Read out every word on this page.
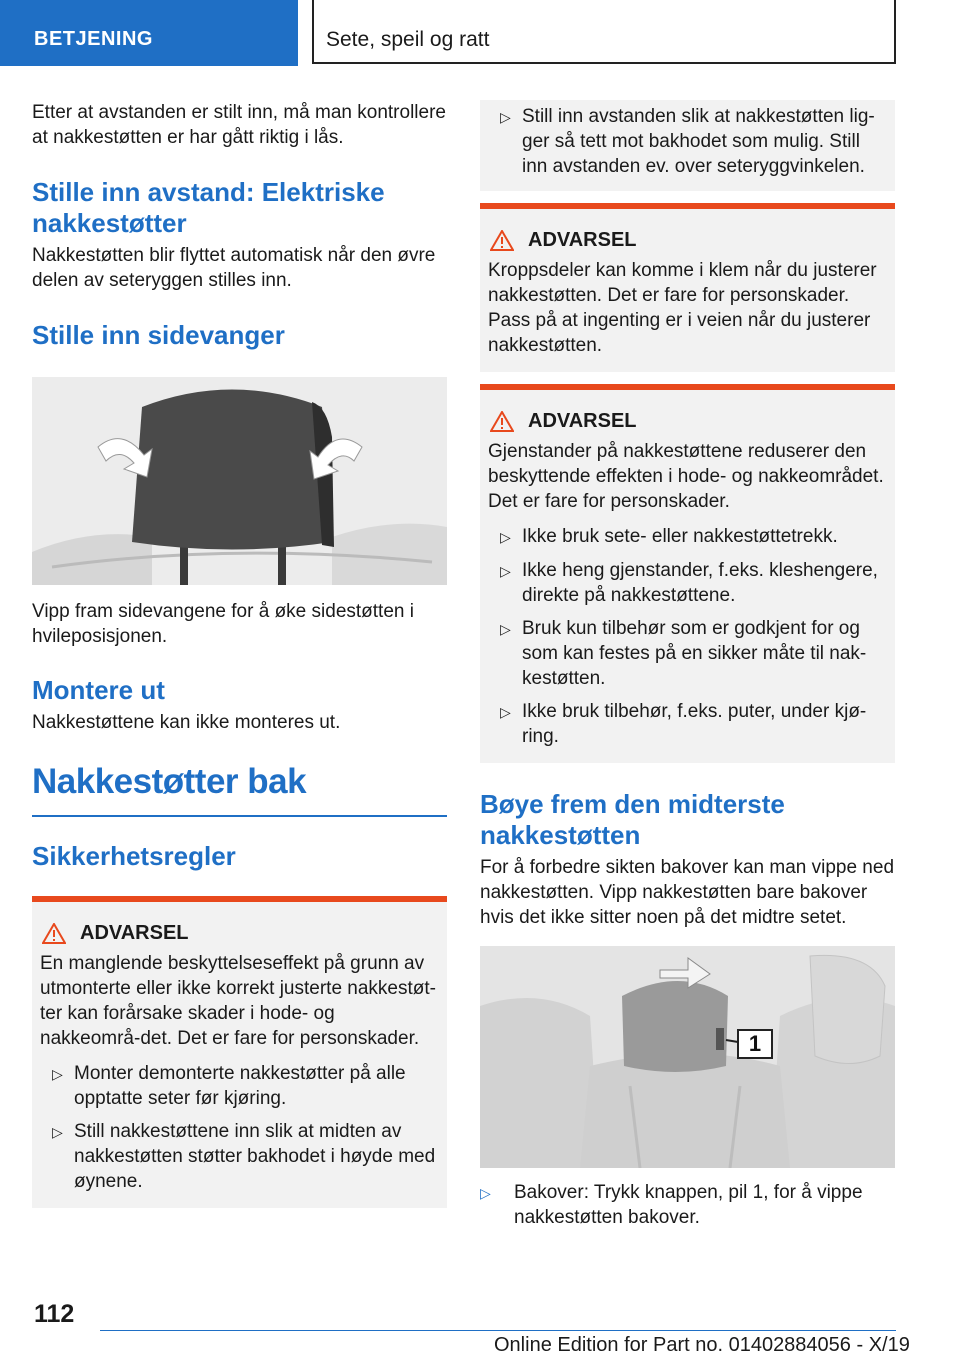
BETJENING	Sete, speil og ratt

Etter at avstanden er stilt inn, må man kontrollere at nakkestøtten er har gått riktig i lås.

Stille inn avstand: Elektriske nakkestøtter

Nakkestøtten blir flyttet automatisk når den øvre delen av seteryggen stilles inn.

Stille inn sidevanger

Vipp fram sidevangene for å øke sidestøtten i hvileposisjonen.

Montere ut

Nakkestøttene kan ikke monteres ut.

Nakkestøtter bak
Sikkerhetsregler
ADVARSEL

En manglende beskyttelseseffekt på grunn av utmonterte eller ikke korrekt justerte nakkestøt-ter kan forårsake skader i hode- og nakkeområ-det. Det er fare for personskader.

▷ Monter demonterte nakkestøtter på alle opptatte seter før kjøring.
▷ Still nakkestøttene inn slik at midten av nakkestøtten støtter bakhodet i høyde med øynene.
▷ Still inn avstanden slik at nakkestøtten lig-ger så tett mot bakhodet som mulig. Still inn avstanden ev. over seteryggvinkelen.
ADVARSEL

Kroppsdeler kan komme i klem når du justerer nakkestøtten. Det er fare for personskader. Pass på at ingenting er i veien når du justerer nakkestøtten.

ADVARSEL

Gjenstander på nakkestøttene reduserer den beskyttende effekten i hode- og nakkeområdet. Det er fare for personskader.

▷ Ikke bruk sete- eller nakkestøttetrekk.
▷ Ikke heng gjenstander, f.eks. kleshengere, direkte på nakkestøttene.
▷ Bruk kun tilbehør som er godkjent for og som kan festes på en sikker måte til nak-kestøtten.
▷ Ikke bruk tilbehør, f.eks. puter, under kjø-ring.
Bøye frem den midterste nakkestøtten

For å forbedre sikten bakover kan man vippe ned nakkestøtten. Vipp nakkestøtten bare bakover hvis det ikke sitter noen på det midtre setet.

1
▷	Bakover: Trykk knappen, pil 1, for å vippe nakkestøtten bakover.
112
Online Edition for Part no. 01402884056 - X/19
